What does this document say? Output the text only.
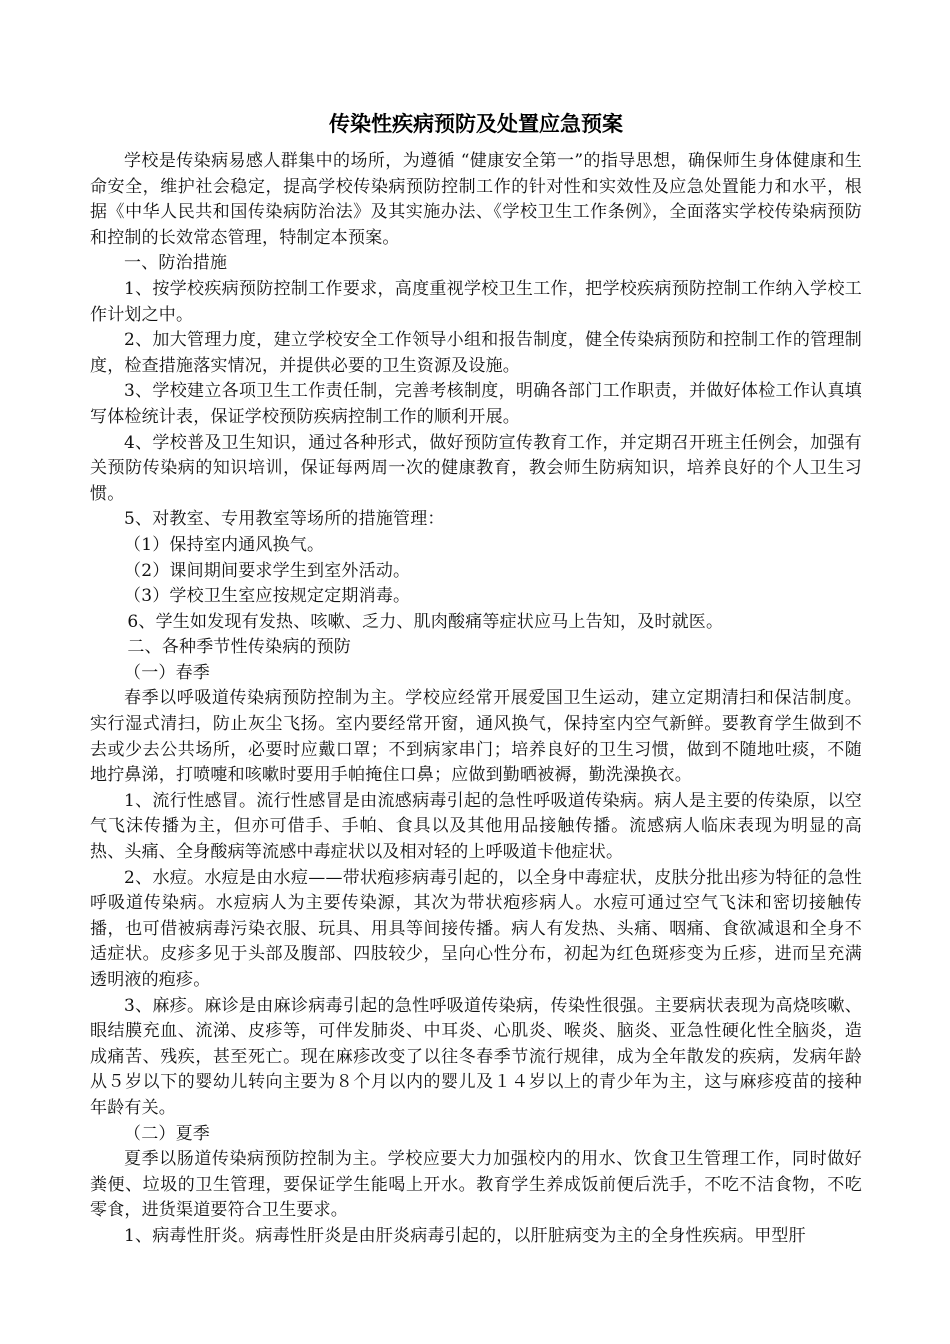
传染性疾病预防及处置应急预案

学校是传染病易感人群集中的场所，为遵循 “健康安全第一”的指导思想，确保师生身体健康和生命安全，维护社会稳定，提高学校传染病预防控制工作的针对性和实效性及应急处置能力和水平，根据《中华人民共和国传染病防治法》及其实施办法、《学校卫生工作条例》，全面落实学校传染病预防和控制的长效常态管理，特制定本预案。

一、防治措施

1、按学校疾病预防控制工作要求，高度重视学校卫生工作，把学校疾病预防控制工作纳入学校工作计划之中。

2、加大管理力度，建立学校安全工作领导小组和报告制度，健全传染病预防和控制工作的管理制度，检查措施落实情况，并提供必要的卫生资源及设施。

3、学校建立各项卫生工作责任制，完善考核制度，明确各部门工作职责，并做好体检工作认真填写体检统计表，保证学校预防疾病控制工作的顺利开展。

4、学校普及卫生知识，通过各种形式，做好预防宣传教育工作，并定期召开班主任例会，加强有关预防传染病的知识培训，保证每两周一次的健康教育，教会师生防病知识，培养良好的个人卫生习惯。

5、对教室、专用教室等场所的措施管理：

（1）保持室内通风换气。

（2）课间期间要求学生到室外活动。

（3）学校卫生室应按规定定期消毒。

6、学生如发现有发热、咳嗽、乏力、肌肉酸痛等症状应马上告知，及时就医。

二、各种季节性传染病的预防

（一）春季

春季以呼吸道传染病预防控制为主。学校应经常开展爱国卫生运动，建立定期清扫和保洁制度。实行湿式清扫，防止灰尘飞扬。室内要经常开窗，通风换气，保持室内空气新鲜。要教育学生做到不去或少去公共场所，必要时应戴口罩；不到病家串门；培养良好的卫生习惯，做到不随地吐痰，不随地拧鼻涕，打喷嚏和咳嗽时要用手帕掩住口鼻；应做到勤晒被褥，勤洗澡换衣。

1、流行性感冒。流行性感冒是由流感病毒引起的急性呼吸道传染病。病人是主要的传染原，以空气飞沫传播为主，但亦可借手、手帕、食具以及其他用品接触传播。流感病人临床表现为明显的高热、头痛、全身酸病等流感中毒症状以及相对轻的上呼吸道卡他症状。

2、水痘。水痘是由水痘——带状疱疹病毒引起的，以全身中毒症状，皮肤分批出疹为特征的急性呼吸道传染病。水痘病人为主要传染源，其次为带状疱疹病人。水痘可通过空气飞沫和密切接触传播，也可借被病毒污染衣服、玩具、用具等间接传播。病人有发热、头痛、咽痛、食欲减退和全身不适症状。皮疹多见于头部及腹部、四肢较少，呈向心性分布，初起为红色斑疹变为丘疹，进而呈充满透明液的疱疹。

3、麻疹。麻诊是由麻诊病毒引起的急性呼吸道传染病，传染性很强。主要病状表现为高烧咳嗽、眼结膜充血、流涕、皮疹等，可伴发肺炎、中耳炎、心肌炎、喉炎、脑炎、亚急性硬化性全脑炎，造成痛苦、残疾，甚至死亡。现在麻疹改变了以往冬春季节流行规律，成为全年散发的疾病，发病年龄从５岁以下的婴幼儿转向主要为８个月以内的婴儿及１４岁以上的青少年为主，这与麻疹疫苗的接种年龄有关。

（二）夏季

夏季以肠道传染病预防控制为主。学校应要大力加强校内的用水、饮食卫生管理工作，同时做好粪便、垃圾的卫生管理，要保证学生能喝上开水。教育学生养成饭前便后洗手，不吃不洁食物，不吃零食，进货渠道要符合卫生要求。

1、病毒性肝炎。病毒性肝炎是由肝炎病毒引起的，以肝脏病变为主的全身性疾病。甲型肝
